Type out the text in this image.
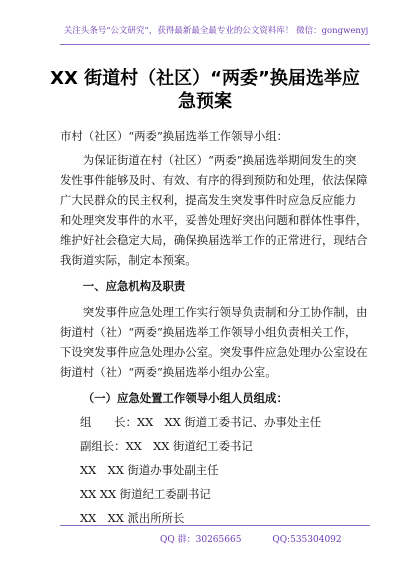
关注头条号“公文研究”，获得最新最全最专业的公文资料库！ 微信：gongwenyj
XX 街道村（社区）“两委”换届选举应
急预案
市村（社区）“两委”换届选举工作领导小组：
为保证街道在村（社区）“两委”换届选举期间发生的突
发性事件能够及时、有效、有序的得到预防和处理，依法保障
广大民群众的民主权利，提高发生突发事件时应急反应能力
和处理突发事件的水平，妥善处理好突出问题和群体性事件，
维护好社会稳定大局，确保换届选举工作的正常进行，现结合
我街道实际，制定本预案。
一、应急机构及职责
突发事件应急处理工作实行领导负责制和分工协作制，由
街道村（社）“两委”换届选举工作领导小组负责相关工作，
下设突发事件应急处理办公室。突发事件应急处理办公室设在
街道村（社）“两委”换届选举小组办公室。
（一）应急处置工作领导小组人员组成：
组　　长：XX　XX 街道工委书记、办事处主任
副组长：XX　XX 街道纪工委书记
XX　XX 街道办事处副主任
XX XX 街道纪工委副书记
XX　XX 派出所所长
QQ 群：30265665	QQ:535304092
